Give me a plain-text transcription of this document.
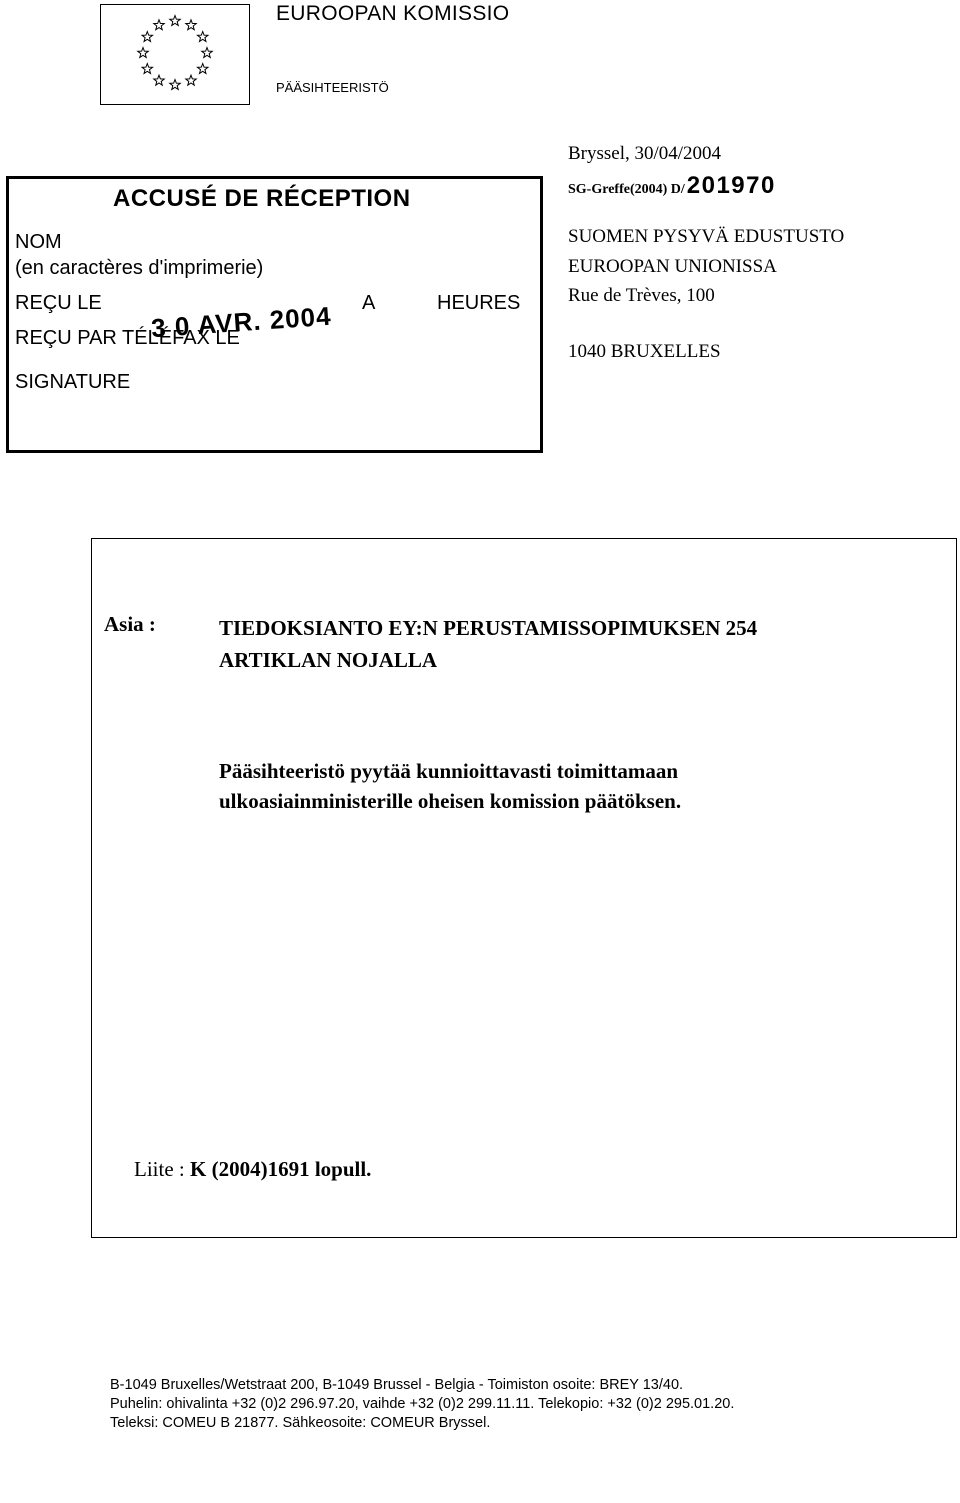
EUROOPAN KOMISSIO
PÄÄSIHTEERISTÖ
ACCUSÉ DE RÉCEPTION
NOM
(en caractères d'imprimerie)
REÇU LE	A	HEURES
REÇU PAR TÉLÉFAX LE
SIGNATURE
3 0 AVR. 2004

Bryssel, 30/04/2004
SG-Greffe(2004) D/201970
SUOMEN PYSYVÄ EDUSTUSTO
EUROOPAN UNIONISSA
Rue de Trèves, 100
1040 BRUXELLES
Asia :	TIEDOKSIANTO EY:N PERUSTAMISSOPIMUKSEN 254
ARTIKLAN NOJALLA
Pääsihteeristö pyytää kunnioittavasti toimittamaan
ulkoasiainministerille oheisen komission päätöksen.
Liite : K (2004)1691 lopull.
B-1049 Bruxelles/Wetstraat 200, B-1049 Brussel - Belgia - Toimiston osoite: BREY 13/40.
Puhelin: ohivalinta +32 (0)2 296.97.20, vaihde +32 (0)2 299.11.11. Telekopio: +32 (0)2 295.01.20.
Teleksi: COMEU B 21877. Sähkeosoite: COMEUR Bryssel.
